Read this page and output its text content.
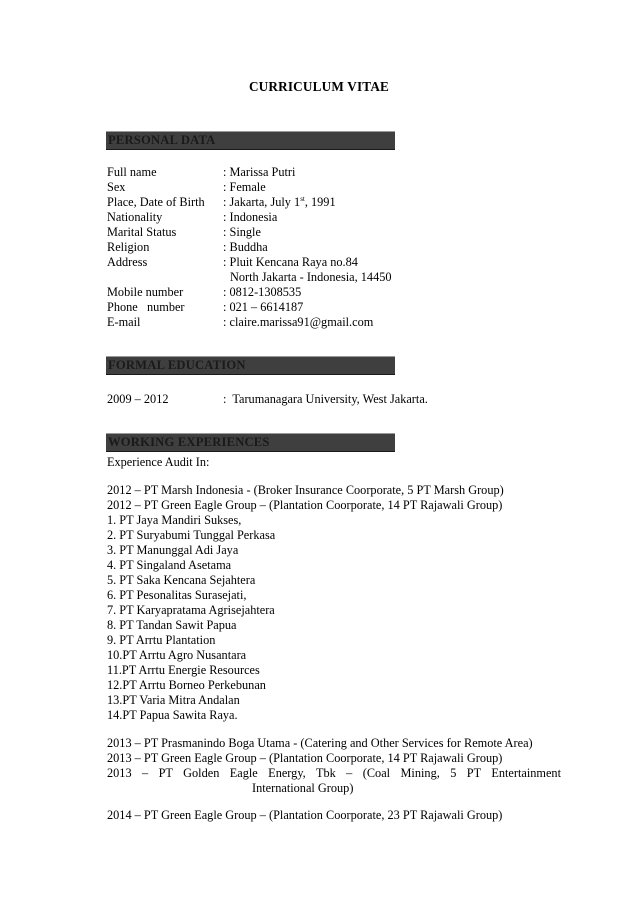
CURRICULUM VITAE
PERSONAL DATA
Full name	: Marissa Putri
Sex	: Female
Place, Date of Birth : Jakarta, July 1st, 1991
Nationality	: Indonesia
Marital Status	: Single
Religion	: Buddha
Address	: Pluit Kencana Raya no.84
North Jakarta - Indonesia, 14450
Mobile number	: 0812-1308535
Phone   number	: 021 – 6614187
E-mail	: claire.marissa91@gmail.com
FORMAL EDUCATION
2009 – 2012	:  Tarumanagara University, West Jakarta.
WORKING EXPERIENCES
Experience Audit In:
2012 – PT Marsh Indonesia - (Broker Insurance Coorporate, 5 PT Marsh Group)
2012 – PT Green Eagle Group – (Plantation Coorporate, 14 PT Rajawali Group)
1. PT Jaya Mandiri Sukses,
2. PT Suryabumi Tunggal Perkasa
3. PT Manunggal Adi Jaya
4. PT Singaland Asetama
5. PT Saka Kencana Sejahtera
6. PT Pesonalitas Surasejati,
7. PT Karyapratama Agrisejahtera
8. PT Tandan Sawit Papua
9. PT Arrtu Plantation
10.PT Arrtu Agro Nusantara
11.PT Arrtu Energie Resources
12.PT Arrtu Borneo Perkebunan
13.PT Varia Mitra Andalan
14.PT Papua Sawita Raya.
2013 – PT Prasmanindo Boga Utama - (Catering and Other Services for Remote Area)
2013 – PT Green Eagle Group – (Plantation Coorporate, 14 PT Rajawali Group)
2013 – PT Golden Eagle Energy, Tbk – (Coal Mining, 5 PT Entertainment
International Group)
2014 – PT Green Eagle Group – (Plantation Coorporate, 23 PT Rajawali Group)
